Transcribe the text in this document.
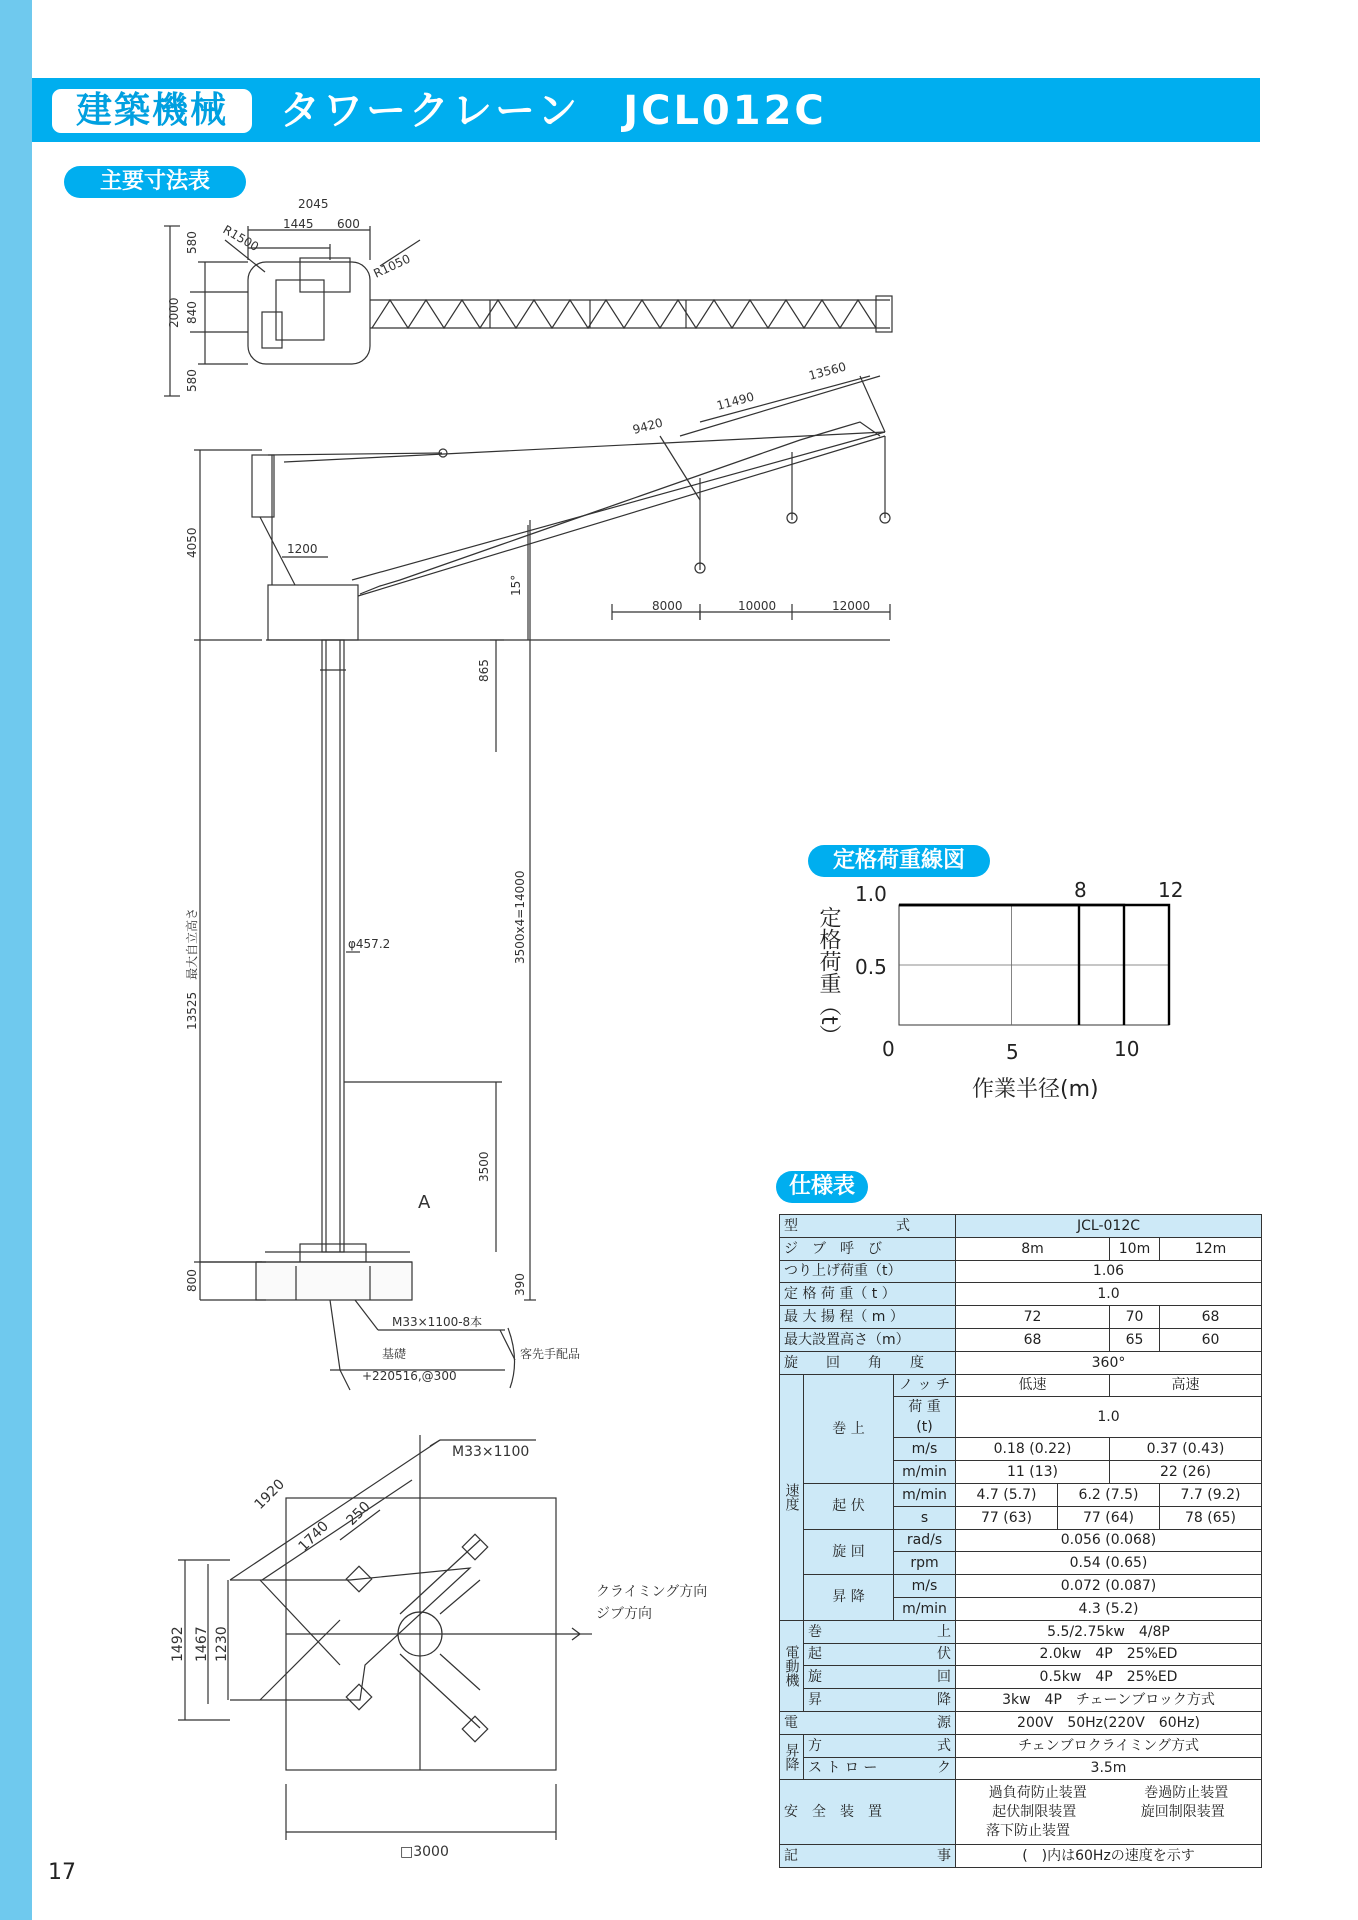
建築機械	タワークレーン　JCL012C
主要寸法表
定格荷重線図
仕様表
2045
1445 600
580
840
2000
580
R1500
R1050
13560
11490
9420
4050	1200
15°
8000	10000	12000
865
3500x4=14000
φ457.2
13525　最大自立高さ
3500
A
800	390
M33×1100-8本
基礎
+220516,@300
客先手配品
M33×1100
1920
1740
250
1492 1467 1230
クライミング方向
ジブ方向
□3000
定格荷重（t）
1.0
0.5
8	12
0	5	10
作業半径(m)
型　　　　　　　式			JCL-012C			
ジ　ブ　呼　び			8m		10m	12m
つり上げ荷重（t）			1.06			
定 格 荷 重（ t ）			1.0			
最 大 揚 程（ m ）			72		70	68
最大設置高さ（m）			68		65	60
旋　　回　　角　　度			360°			
速度	巻 上	ノ ッ チ	低速		高速	
		荷 重 (t)	1.0			
		m/s	0.18 (0.22)		0.37 (0.43)	
		m/min	11 (13)		22 (26)	
	起 伏	m/min	4.7 (5.7)	6.2 (7.5)		7.7 (9.2)
		s	77 (63)	77 (64)		78 (65)
	旋 回	rad/s	0.056 (0.068)			
		rpm	0.54 (0.65)			
	昇 降	m/s	0.072 (0.087)			
		m/min	4.3 (5.2)			
電動機	巻 上		5.5/2.75kw　4/8P			

	起 伏		2.0kw　4P　25%ED			

	旋 回		0.5kw　4P　25%ED			

	昇 降		3kw　4P　チェーンブロック方式			

電 源			200V　50Hz(220V　60Hz)			
昇降	方 式		チェンブロクライミング方式			

	ス ト ロ ー ク		3.5m			
安　全　装　置			過負荷防止装置 巻過防止装置
起伏制限装置 旋回制限装置
落下防止装置			

記 事			(　)内は60Hzの速度を示す			
17
